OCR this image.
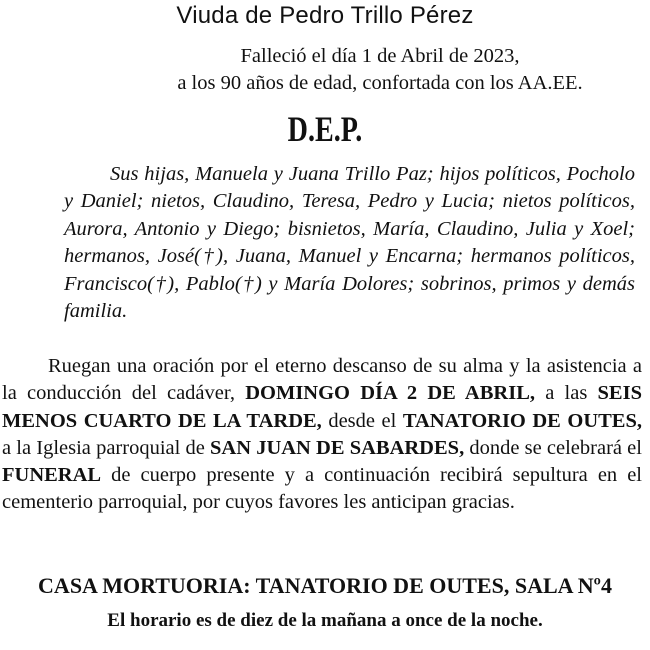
Viuda de Pedro Trillo Pérez
Falleció el día 1 de Abril de 2023,
a los 90 años de edad, confortada con los AA.EE.
D.E.P.
Sus hijas, Manuela y Juana Trillo Paz; hijos políticos, Pocholo y Daniel; nietos, Claudino, Teresa, Pedro y Lucia; nietos políticos, Aurora, Antonio y Diego; bisnietos, María, Claudino, Julia y Xoel; hermanos, José(†), Juana, Manuel y Encarna; hermanos políticos, Francisco(†), Pablo(†) y María Dolores; sobrinos, primos y demás familia.
Ruegan una oración por el eterno descanso de su alma y la asistencia a la conducción del cadáver, DOMINGO DÍA 2 DE ABRIL, a las SEIS MENOS CUARTO DE LA TARDE, desde el TANATORIO DE OUTES, a la Iglesia parroquial de SAN JUAN DE SABARDES, donde se celebrará el FUNERAL de cuerpo presente y a continuación recibirá sepultura en el cementerio parroquial, por cuyos favores les anticipan gracias.
CASA MORTUORIA: TANATORIO DE OUTES, SALA Nº4
El horario es de diez de la mañana a once de la noche.
